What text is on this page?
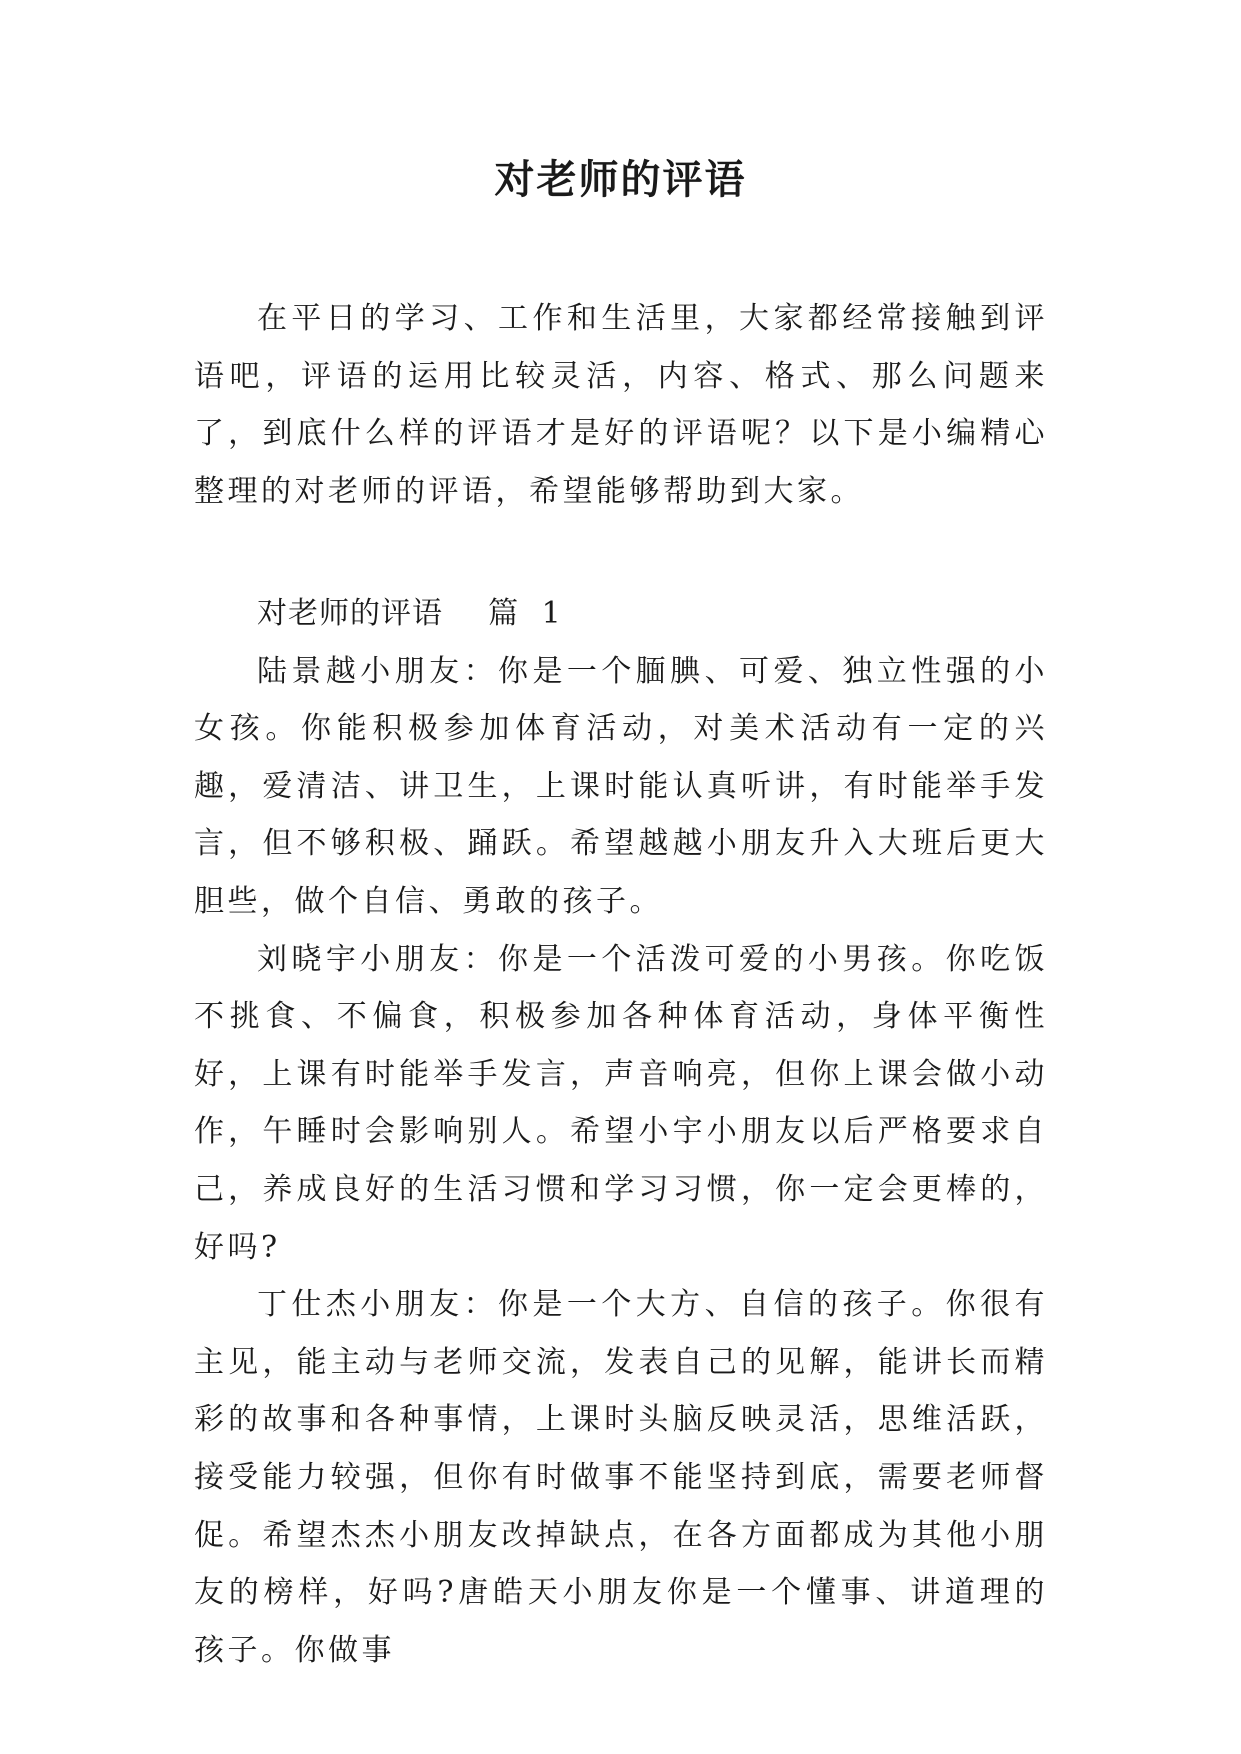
对老师的评语

在平日的学习、工作和生活里，大家都经常接触到评语吧，评语的运用比较灵活，内容、格式、那么问题来了，到底什么样的评语才是好的评语呢？以下是小编精心整理的对老师的评语，希望能够帮助到大家。

对老师的评语  篇 1

陆景越小朋友：你是一个腼腆、可爱、独立性强的小女孩。你能积极参加体育活动，对美术活动有一定的兴趣，爱清洁、讲卫生，上课时能认真听讲，有时能举手发言，但不够积极、踊跃。希望越越小朋友升入大班后更大胆些，做个自信、勇敢的孩子。

刘晓宇小朋友：你是一个活泼可爱的小男孩。你吃饭不挑食、不偏食，积极参加各种体育活动，身体平衡性好，上课有时能举手发言，声音响亮，但你上课会做小动作，午睡时会影响别人。希望小宇小朋友以后严格要求自己，养成良好的生活习惯和学习习惯，你一定会更棒的，好吗?

丁仕杰小朋友：你是一个大方、自信的孩子。你很有主见，能主动与老师交流，发表自己的见解，能讲长而精彩的故事和各种事情，上课时头脑反映灵活，思维活跃，接受能力较强，但你有时做事不能坚持到底，需要老师督促。希望杰杰小朋友改掉缺点，在各方面都成为其他小朋友的榜样，好吗?唐皓天小朋友你是一个懂事、讲道理的孩子。你做事
